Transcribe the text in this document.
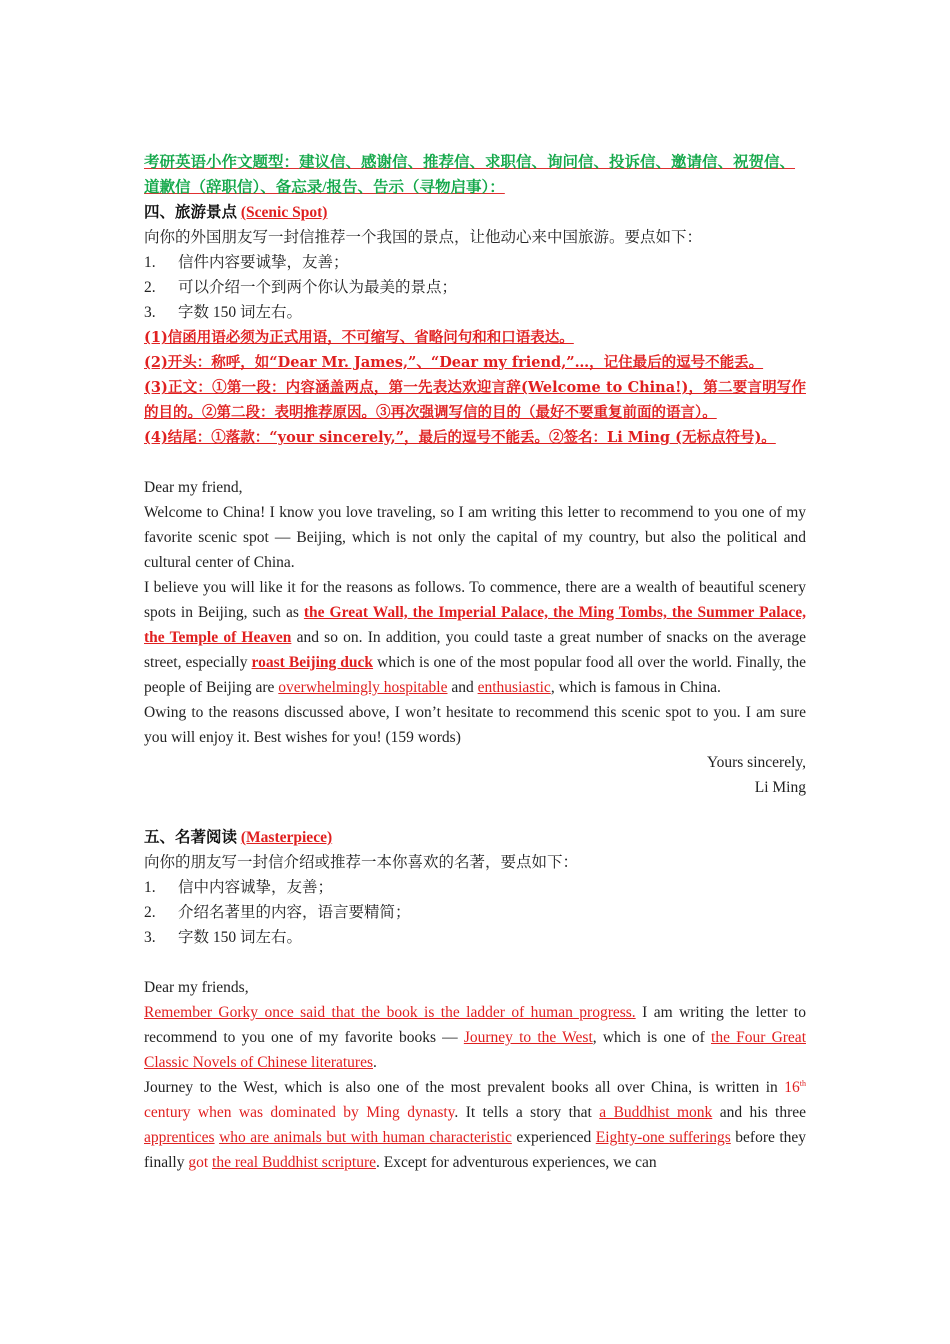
考研英语小作文题型：建议信、感谢信、推荐信、求职信、询问信、投诉信、邀请信、祝贺信、道歉信（辞职信）、备忘录/报告、告示（寻物启事）：

四、旅游景点 (Scenic Spot)

向你的外国朋友写一封信推荐一个我国的景点，让他动心来中国旅游。要点如下：

1.	信件内容要诚挚，友善；
2.	可以介绍一个到两个你认为最美的景点；
3.	字数 150 词左右。

(1)信函用语必须为正式用语，不可缩写、省略问句和和口语表达。

(2)开头：称呼，如“Dear Mr. James,”、“Dear my friend,”…，记住最后的逗号不能丢。

(3)正文：①第一段：内容涵盖两点，第一先表达欢迎言辞(Welcome to China!)，第二要言明写作的目的。②第二段：表明推荐原因。③再次强调写信的目的（最好不要重复前面的语言）。

(4)结尾：①落款：“your sincerely,”，最后的逗号不能丢。②签名：Li Ming (无标点符号)。

Dear my friend,

Welcome to China! I know you love traveling, so I am writing this letter to recommend to you one of my favorite scenic spot — Beijing, which is not only the capital of my country, but also the political and cultural center of China.

I believe you will like it for the reasons as follows. To commence, there are a wealth of beautiful scenery spots in Beijing, such as the Great Wall, the Imperial Palace, the Ming Tombs, the Summer Palace, the Temple of Heaven and so on. In addition, you could taste a great number of snacks on the average street, especially roast Beijing duck which is one of the most popular food all over the world. Finally, the people of Beijing are overwhelmingly hospitable and enthusiastic, which is famous in China.

Owing to the reasons discussed above, I won’t hesitate to recommend this scenic spot to you. I am sure you will enjoy it. Best wishes for you! (159 words)

Yours sincerely,

Li Ming

五、名著阅读 (Masterpiece)

向你的朋友写一封信介绍或推荐一本你喜欢的名著，要点如下：

1.	信中内容诚挚，友善；
2.	介绍名著里的内容，语言要精简；
3.	字数 150 词左右。

Dear my friends,

Remember Gorky once said that the book is the ladder of human progress. I am writing the letter to recommend to you one of my favorite books — Journey to the West, which is one of the Four Great Classic Novels of Chinese literatures.

Journey to the West, which is also one of the most prevalent books all over China, is written in 16th century when was dominated by Ming dynasty. It tells a story that a Buddhist monk and his three apprentices who are animals but with human characteristic experienced Eighty-one sufferings before they finally got the real Buddhist scripture. Except for adventurous experiences, we can
